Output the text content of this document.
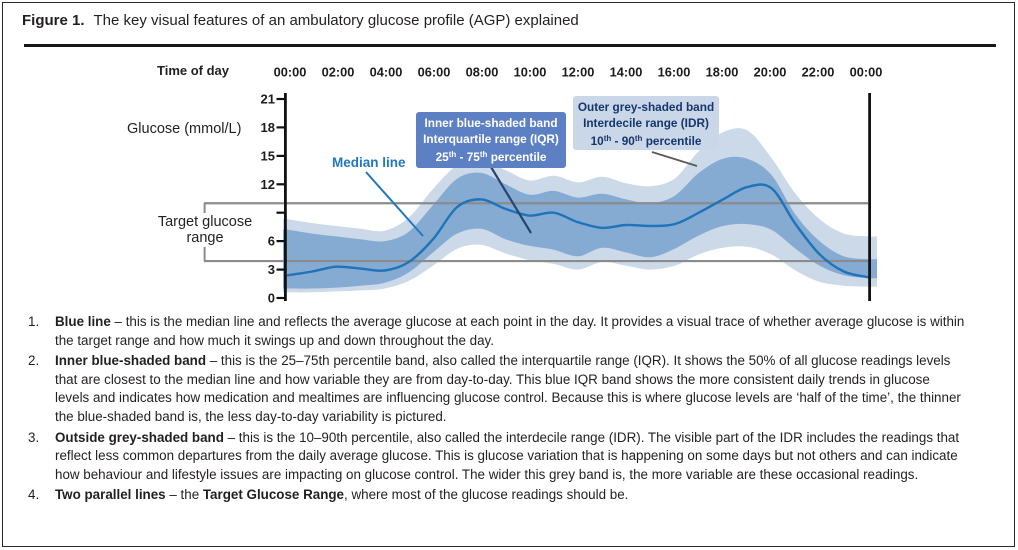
Figure 1. The key visual features of an ambulatory glucose profile (AGP) explained
21
18
15
12
6
3
0
00:00 02:00 04:00 06:00 08:00 10:00 12:00 14:00 16:00 18:00 20:00 22:00 00:00
Time of day
Glucose (mmol/L)
Target glucose
range
Median line
Inner blue-shaded band
Interquartile range (IQR)
25th - 75th percentile
Outer grey-shaded band
Interdecile range (IDR)
10th - 90th percentile
1.	Blue line – this is the median line and reflects the average glucose at each point in the day. It provides a visual trace of whether average glucose is within the target range and how much it swings up and down throughout the day.
2.	Inner blue-shaded band – this is the 25–75th percentile band, also called the interquartile range (IQR). It shows the 50% of all glucose readings levels that are closest to the median line and how variable they are from day-to-day. This blue IQR band shows the more consistent daily trends in glucose levels and indicates how medication and mealtimes are influencing glucose control. Because this is where glucose levels are ‘half of the time’, the thinner the blue-shaded band is, the less day-to-day variability is pictured.
3.	Outside grey-shaded band – this is the 10–90th percentile, also called the interdecile range (IDR). The visible part of the IDR includes the readings that reflect less common departures from the daily average glucose. This is glucose variation that is happening on some days but not others and can indicate how behaviour and lifestyle issues are impacting on glucose control. The wider this grey band is, the more variable are these occasional readings.
4.	Two parallel lines – the Target Glucose Range, where most of the glucose readings should be.
